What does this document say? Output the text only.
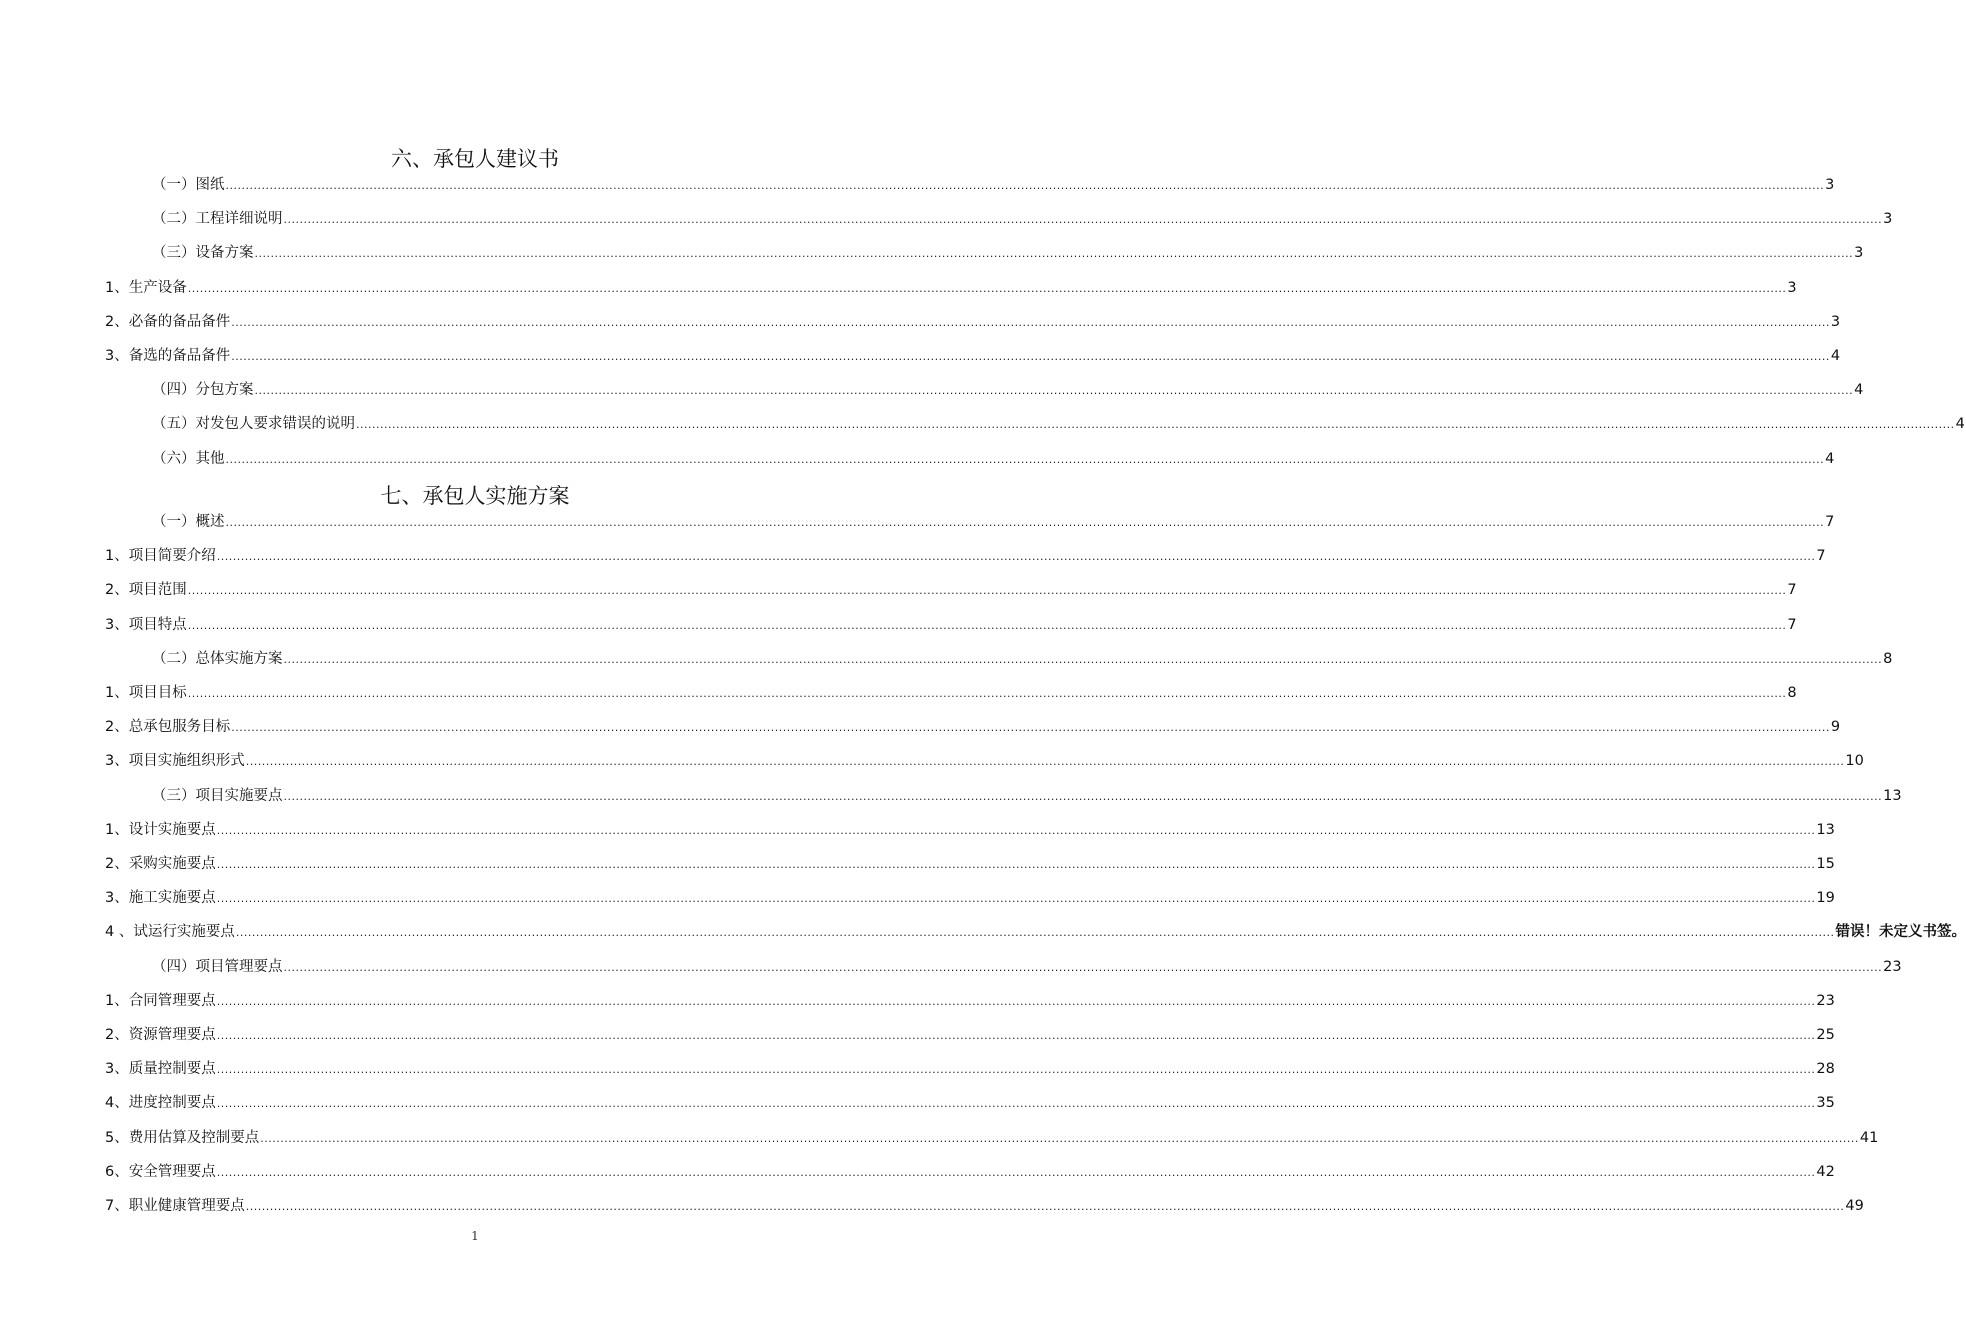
六、承包人建议书
（一）图纸 ................................................................................................................................................................................................................................................................................................................................................................................................................ 3
（二）工程详细说明 ................................................................................................................................................................................................................................................................................................................................................................................................................ 3
（三）设备方案 ................................................................................................................................................................................................................................................................................................................................................................................................................ 3
1、生产设备 ................................................................................................................................................................................................................................................................................................................................................................................................................ 3
2、必备的备品备件 ................................................................................................................................................................................................................................................................................................................................................................................................................ 3
3、备选的备品备件 ................................................................................................................................................................................................................................................................................................................................................................................................................ 4
（四）分包方案 ................................................................................................................................................................................................................................................................................................................................................................................................................ 4
（五）对发包人要求错误的说明 ................................................................................................................................................................................................................................................................................................................................................................................................................ 4
（六）其他 ................................................................................................................................................................................................................................................................................................................................................................................................................ 4
七、承包人实施方案
（一）概述 ................................................................................................................................................................................................................................................................................................................................................................................................................ 7
1、项目简要介绍 ................................................................................................................................................................................................................................................................................................................................................................................................................ 7
2、项目范围 ................................................................................................................................................................................................................................................................................................................................................................................................................ 7
3、项目特点 ................................................................................................................................................................................................................................................................................................................................................................................................................ 7
（二）总体实施方案 ................................................................................................................................................................................................................................................................................................................................................................................................................ 8
1、项目目标 ................................................................................................................................................................................................................................................................................................................................................................................................................ 8
2、总承包服务目标 ................................................................................................................................................................................................................................................................................................................................................................................................................ 9
3、项目实施组织形式 ................................................................................................................................................................................................................................................................................................................................................................................................................ 10
（三）项目实施要点 ................................................................................................................................................................................................................................................................................................................................................................................................................ 13
1、设计实施要点 ................................................................................................................................................................................................................................................................................................................................................................................................................ 13
2、采购实施要点 ................................................................................................................................................................................................................................................................................................................................................................................................................ 15
3、施工实施要点 ................................................................................................................................................................................................................................................................................................................................................................................................................ 19
4 、试运行实施要点 ................................................................................................................................................................................................................................................................................................................................................................................................................ 错误！未定义书签。
（四）项目管理要点 ................................................................................................................................................................................................................................................................................................................................................................................................................ 23
1、合同管理要点 ................................................................................................................................................................................................................................................................................................................................................................................................................ 23
2、资源管理要点 ................................................................................................................................................................................................................................................................................................................................................................................................................ 25
3、质量控制要点 ................................................................................................................................................................................................................................................................................................................................................................................................................ 28
4、进度控制要点 ................................................................................................................................................................................................................................................................................................................................................................................................................ 35
5、费用估算及控制要点 ................................................................................................................................................................................................................................................................................................................................................................................................................ 41
6、安全管理要点 ................................................................................................................................................................................................................................................................................................................................................................................................................ 42
7、职业健康管理要点 ................................................................................................................................................................................................................................................................................................................................................................................................................ 49
1
